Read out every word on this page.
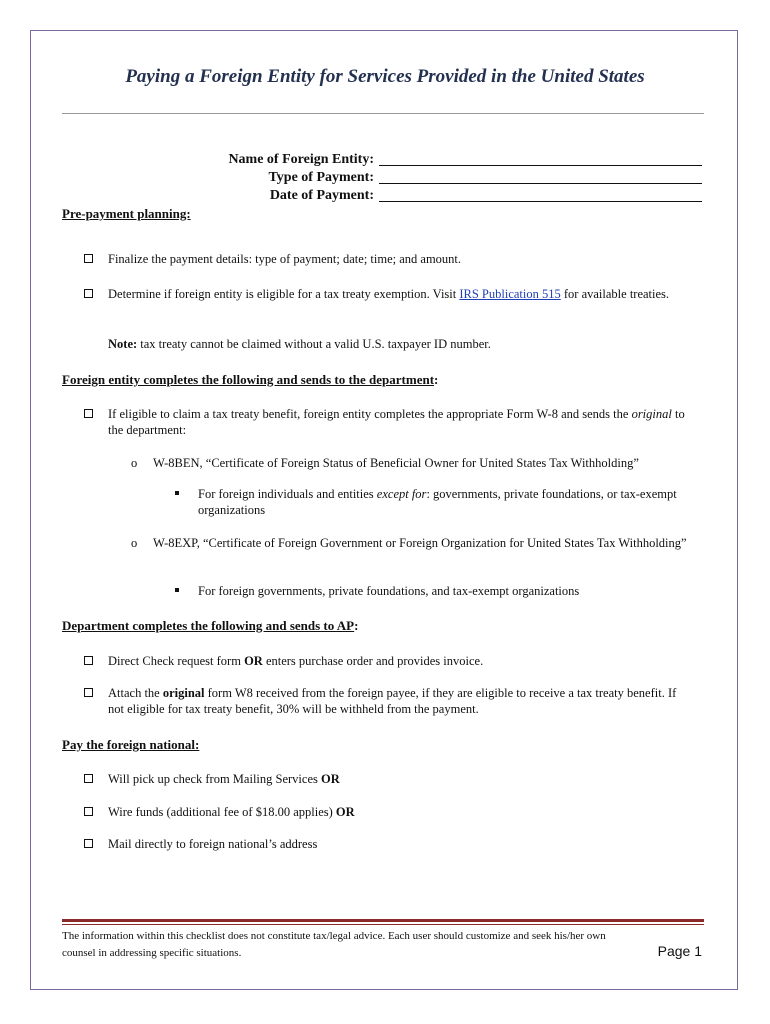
Paying a Foreign Entity for Services Provided in the United States
Name of Foreign Entity:
Type of Payment:
Date of Payment:
Pre-payment planning:
Finalize the payment details: type of payment; date; time; and amount.
Determine if foreign entity is eligible for a tax treaty exemption. Visit IRS Publication 515 for available treaties.
Note: tax treaty cannot be claimed without a valid U.S. taxpayer ID number.
Foreign entity completes the following and sends to the department:
If eligible to claim a tax treaty benefit, foreign entity completes the appropriate Form W-8 and sends the original to the department:
o W-8BEN, “Certificate of Foreign Status of Beneficial Owner for United States Tax Withholding”
For foreign individuals and entities except for: governments, private foundations, or tax-exempt organizations
o W-8EXP, “Certificate of Foreign Government or Foreign Organization for United States Tax Withholding”
For foreign governments, private foundations, and tax-exempt organizations
Department completes the following and sends to AP:
Direct Check request form OR enters purchase order and provides invoice.
Attach the original form W8 received from the foreign payee, if they are eligible to receive a tax treaty benefit. If not eligible for tax treaty benefit, 30% will be withheld from the payment.
Pay the foreign national:
Will pick up check from Mailing Services OR
Wire funds (additional fee of $18.00 applies) OR
Mail directly to foreign national’s address
The information within this checklist does not constitute tax/legal advice. Each user should customize and seek his/her own counsel in addressing specific situations.	Page 1
